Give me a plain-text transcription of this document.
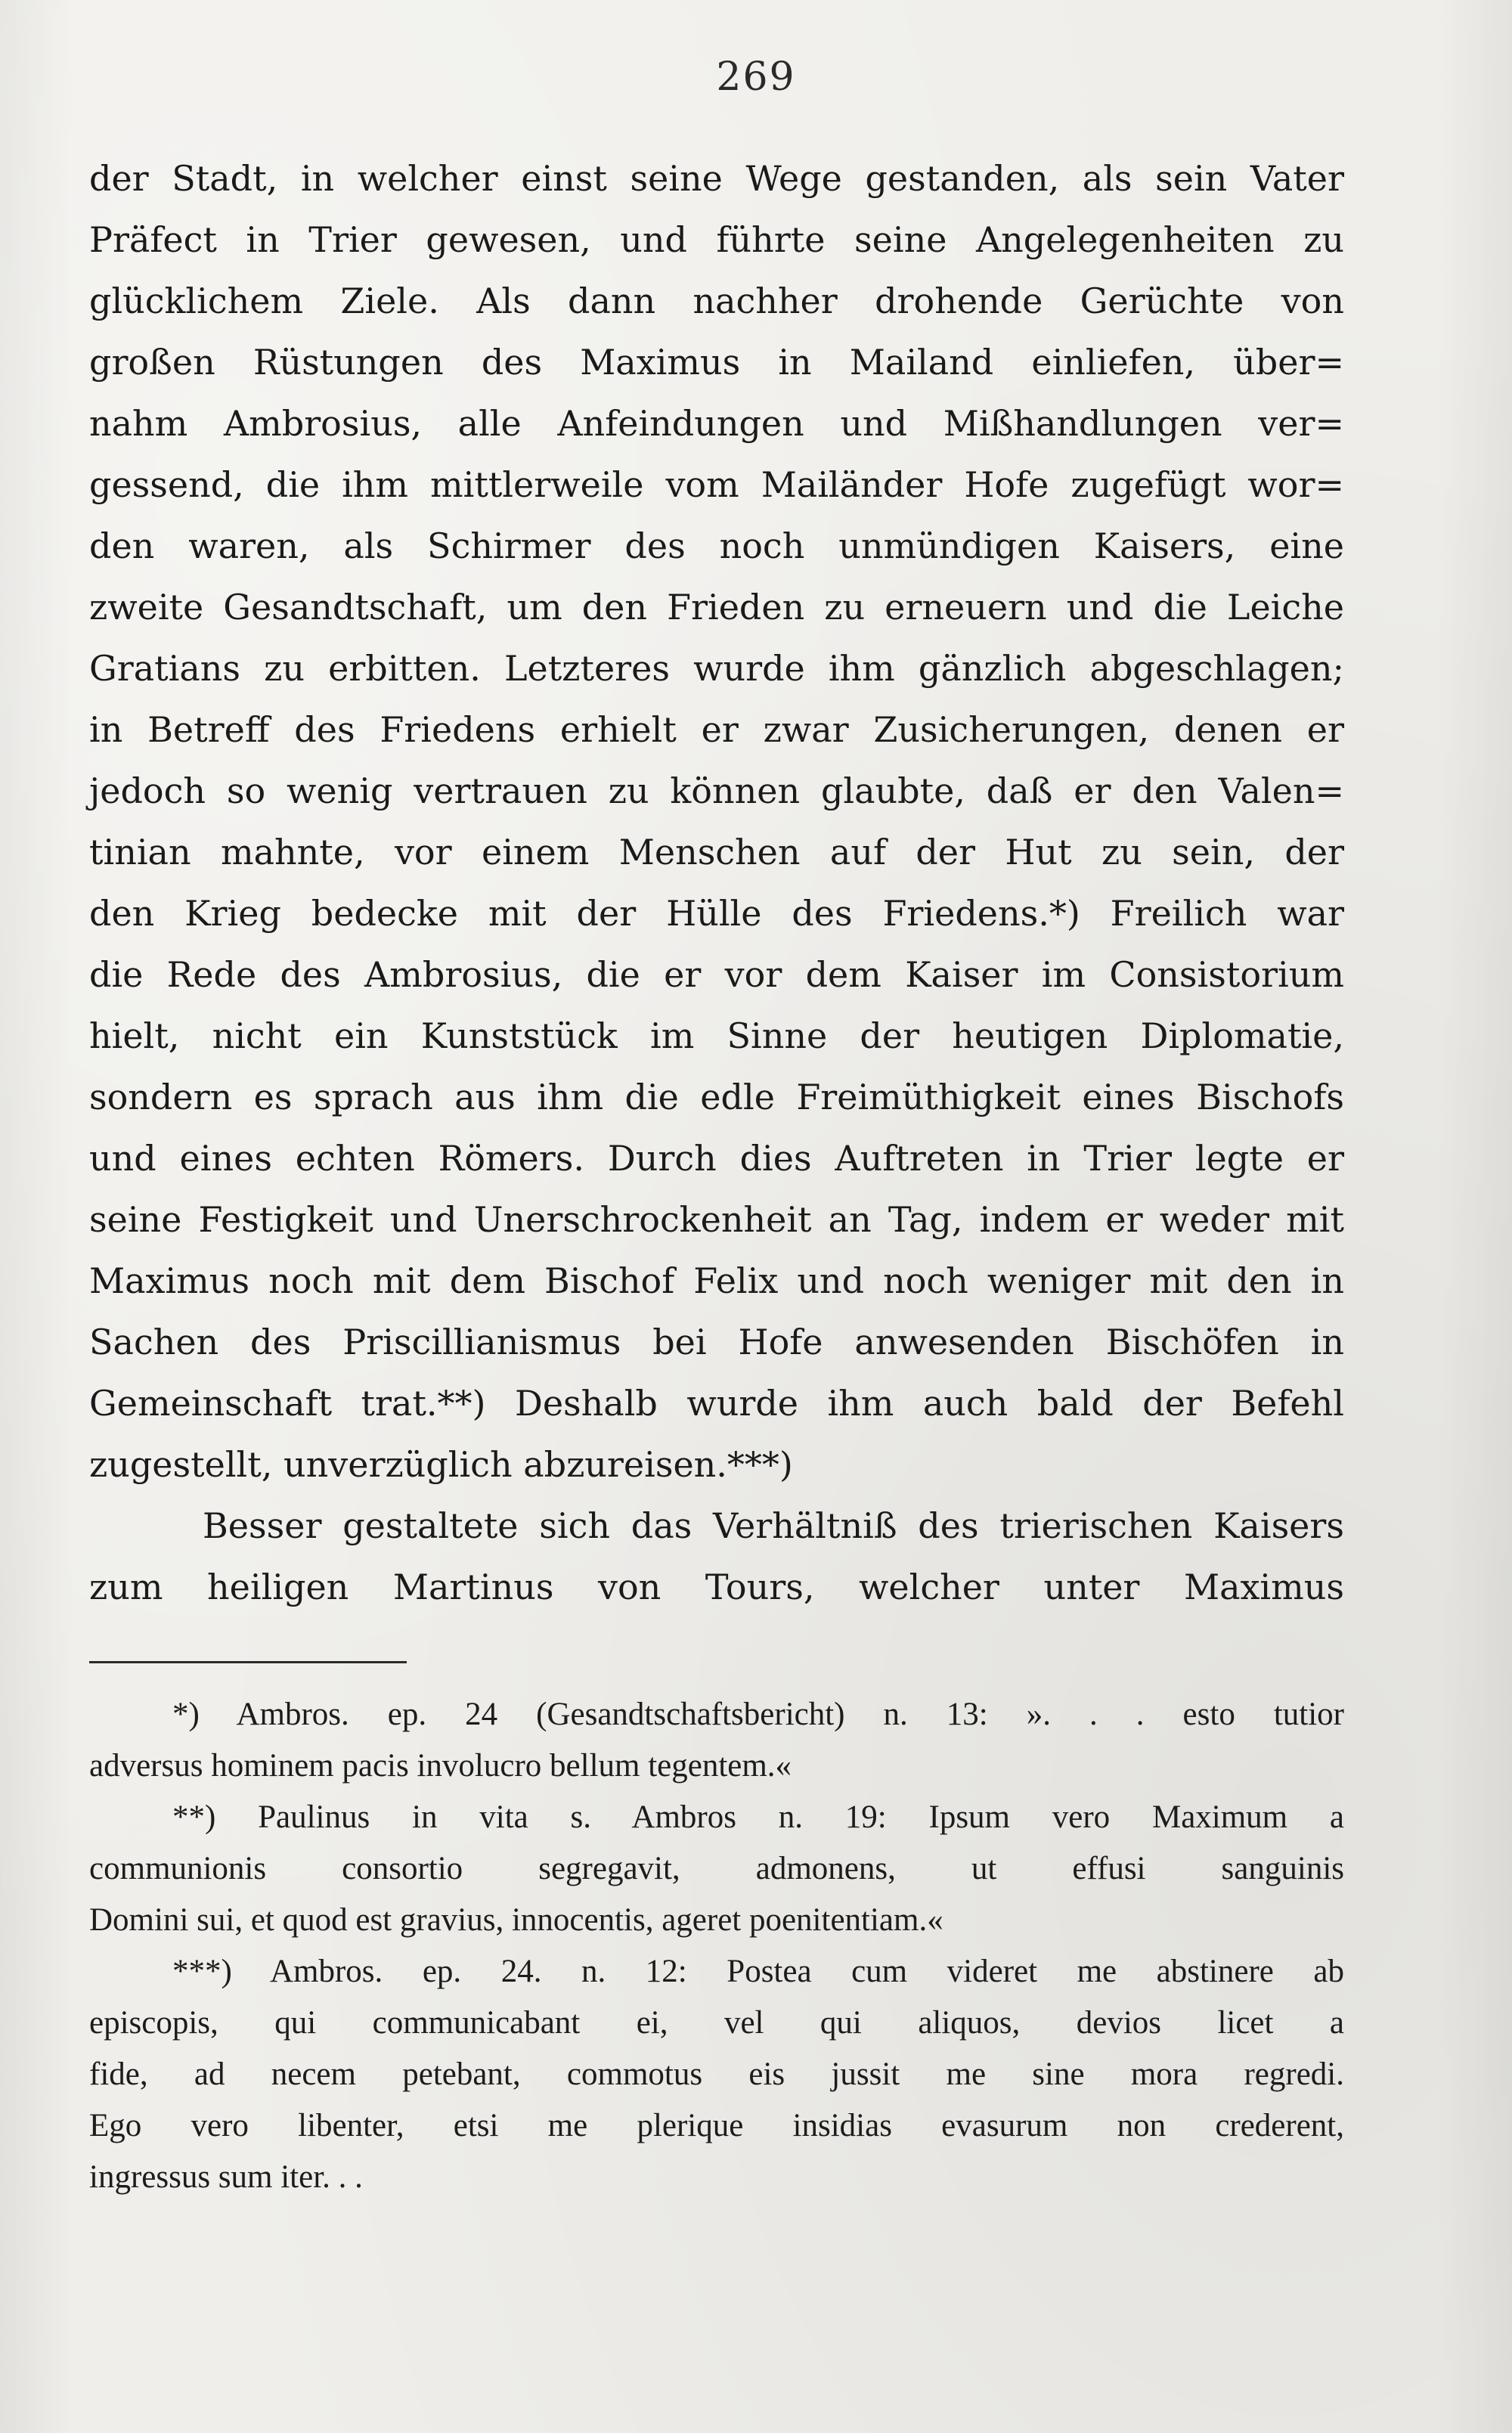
269
der Stadt, in welcher einst seine Wege gestanden, als sein Vater
Präfect in Trier gewesen, und führte seine Angelegenheiten zu
glücklichem Ziele. Als dann nachher drohende Gerüchte von
großen Rüstungen des Maximus in Mailand einliefen, über=
nahm Ambrosius, alle Anfeindungen und Mißhandlungen ver=
gessend, die ihm mittlerweile vom Mailänder Hofe zugefügt wor=
den waren, als Schirmer des noch unmündigen Kaisers, eine
zweite Gesandtschaft, um den Frieden zu erneuern und die Leiche
Gratians zu erbitten. Letzteres wurde ihm gänzlich abgeschlagen;
in Betreff des Friedens erhielt er zwar Zusicherungen, denen er
jedoch so wenig vertrauen zu können glaubte, daß er den Valen=
tinian mahnte, vor einem Menschen auf der Hut zu sein, der
den Krieg bedecke mit der Hülle des Friedens.*) Freilich war
die Rede des Ambrosius, die er vor dem Kaiser im Consistorium
hielt, nicht ein Kunststück im Sinne der heutigen Diplomatie,
sondern es sprach aus ihm die edle Freimüthigkeit eines Bischofs
und eines echten Römers. Durch dies Auftreten in Trier legte er
seine Festigkeit und Unerschrockenheit an Tag, indem er weder mit
Maximus noch mit dem Bischof Felix und noch weniger mit den in
Sachen des Priscillianismus bei Hofe anwesenden Bischöfen in
Gemeinschaft trat.**) Deshalb wurde ihm auch bald der Befehl
zugestellt, unverzüglich abzureisen.***)
Besser gestaltete sich das Verhältniß des trierischen Kaisers
zum heiligen Martinus von Tours, welcher unter Maximus
*) Ambros. ep. 24 (Gesandtschaftsbericht) n. 13: ». . . esto tutior
adversus hominem pacis involucro bellum tegentem.«
**) Paulinus in vita s. Ambros n. 19: Ipsum vero Maximum a
communionis consortio segregavit, admonens, ut effusi sanguinis
Domini sui, et quod est gravius, innocentis, ageret poenitentiam.«
***) Ambros. ep. 24. n. 12: Postea cum videret me abstinere ab
episcopis, qui communicabant ei, vel qui aliquos, devios licet a
fide, ad necem petebant, commotus eis jussit me sine mora regredi.
Ego vero libenter, etsi me plerique insidias evasurum non crederent,
ingressus sum iter. . .
